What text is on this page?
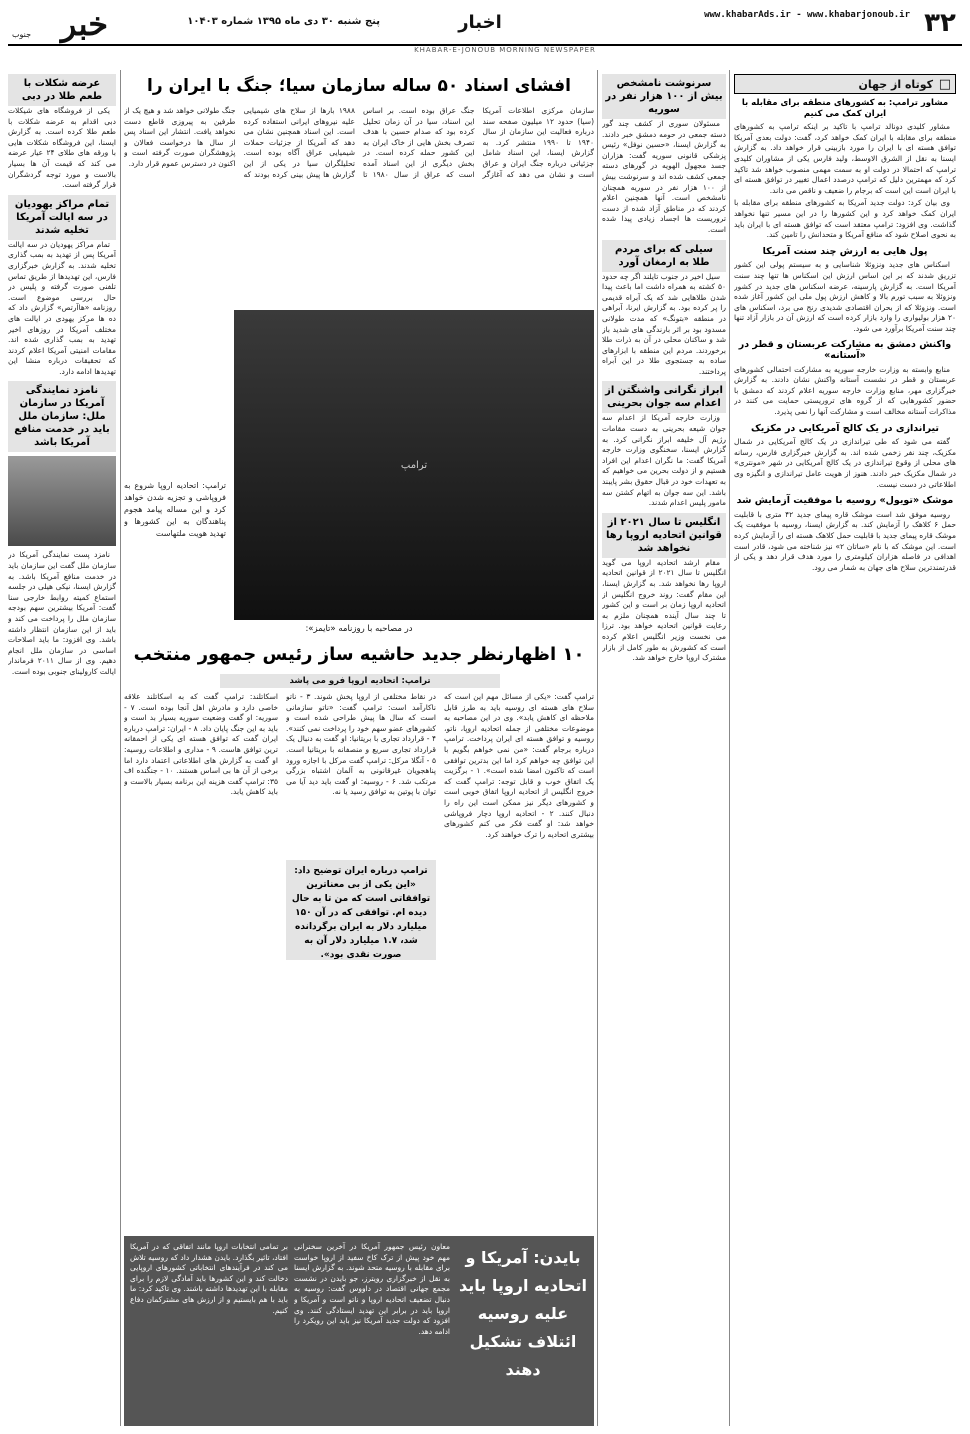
۳۲
www.khabarAds.ir - www.khabarjonoub.ir
اخبار
پنج شنبه ۳۰ دی ماه ۱۳۹۵ شماره ۱۰۴۰۳
خبر
جنوب
KHABAR-E-JONOUB MORNING NEWSPAPER
□
کوتاه از جهان
مشاور ترامپ: به کشورهای منطقه برای مقابله با ایران کمک می کنیم

مشاور کلیدی دونالد ترامپ با تاکید بر اینکه ترامپ به کشورهای منطقه برای مقابله با ایران کمک خواهد کرد، گفت: دولت بعدی آمریکا توافق هسته ای با ایران را مورد بازبینی قرار خواهد داد. به گزارش ایسنا به نقل از الشرق الاوسط، ولید فارس یکی از مشاوران کلیدی ترامپ که احتمالا در دولت او به سمت مهمی منصوب خواهد شد تاکید کرد که مهمترین دلیل که ترامپ درصدد اعمال تغییر در توافق هسته ای با ایران است این است که برجام را ضعیف و ناقص می داند.

وی بیان کرد: دولت جدید آمریکا به کشورهای منطقه برای مقابله با ایران کمک خواهد کرد و این کشورها را در این مسیر تنها نخواهد گذاشت. وی افزود: ترامپ معتقد است که توافق هسته ای با ایران باید به نحوی اصلاح شود که منافع آمریکا و متحدانش را تامین کند.

پول هایی به ارزش چند سنت آمریکا

اسکناس های جدید ونزوئلا شناسایی و به سیستم پولی این کشور تزریق شدند که بر این اساس ارزش این اسکناس ها تنها چند سنت آمریکا است. به گزارش پارسینه، عرضه اسکناس های جدید در کشور ونزوئلا به سبب تورم بالا و کاهش ارزش پول ملی این کشور آغاز شده است. ونزوئلا که از بحران اقتصادی شدیدی رنج می برد، اسکناس های ۲۰ هزار بولیواری را وارد بازار کرده است که ارزش آن در بازار آزاد تنها چند سنت آمریکا برآورد می شود.

واکنش دمشق به مشارکت عربستان و قطر در «آستانه»

منابع وابسته به وزارت خارجه سوریه به مشارکت احتمالی کشورهای عربستان و قطر در نشست آستانه واکنش نشان دادند. به گزارش خبرگزاری مهر، منابع وزارت خارجه سوریه اعلام کردند که دمشق با حضور کشورهایی که از گروه های تروریستی حمایت می کنند در مذاکرات آستانه مخالف است و مشارکت آنها را نمی پذیرد.

تیراندازی در یک کالج آمریکایی در مکزیک

گفته می شود که طی تیراندازی در یک کالج آمریکایی در شمال مکزیک، چند نفر زخمی شده اند. به گزارش خبرگزاری فارس، رسانه های محلی از وقوع تیراندازی در یک کالج آمریکایی در شهر «مونتری» در شمال مکزیک خبر دادند. هنوز از هویت عامل تیراندازی و انگیزه وی اطلاعاتی در دست نیست.

موشک «تویول» روسیه با موفقیت آزمایش شد

روسیه موفق شد است موشک قاره پیمای جدید ۴۲ متری با قابلیت حمل ۶ کلاهک را آزمایش کند. به گزارش ایسنا، روسیه با موفقیت یک موشک قاره پیمای جدید با قابلیت حمل کلاهک هسته ای را آزمایش کرده است. این موشک که با نام «ساتان ۲» نیز شناخته می شود، قادر است اهدافی در فاصله هزاران کیلومتری را مورد هدف قرار دهد و یکی از قدرتمندترین سلاح های جهان به شمار می رود.

سرنوشت نامشخص بیش از ۱۰۰ هزار نفر در سوریه

مسئولان سوری از کشف چند گور دسته جمعی در حومه دمشق خبر دادند. به گزارش ایسنا، «حسین نوفل» رئیس پزشکی قانونی سوریه گفت: هزاران جسد مجهول الهویه در گورهای دسته جمعی کشف شده اند و سرنوشت بیش از ۱۰۰ هزار نفر در سوریه همچنان نامشخص است. آنها همچنین اعلام کردند که در مناطق آزاد شده از دست تروریست ها اجساد زیادی پیدا شده است.

سیلی که برای مردم طلا به ارمغان آورد

سیل اخیر در جنوب تایلند اگر چه حدود ۵۰ کشته به همراه داشت اما باعث پیدا شدن طلاهایی شد که یک آبراه قدیمی را پر کرده بود. به گزارش ایرنا، آبراهی در منطقه «بتونگ» که مدت طولانی مسدود بود بر اثر بارندگی های شدید باز شد و ساکنان محلی در آن به ذرات طلا برخوردند. مردم این منطقه با ابزارهای ساده به جستجوی طلا در این آبراه پرداختند.

ابراز نگرانی واشنگتن از اعدام سه جوان بحرینی

وزارت خارجه آمریکا از اعدام سه جوان شیعه بحرینی به دست مقامات رژیم آل خلیفه ابراز نگرانی کرد. به گزارش ایسنا، سخنگوی وزارت خارجه آمریکا گفت: ما نگران اعدام این افراد هستیم و از دولت بحرین می خواهیم که به تعهدات خود در قبال حقوق بشر پایبند باشد. این سه جوان به اتهام کشتن سه مامور پلیس اعدام شدند.

انگلیس تا سال ۲۰۲۱ از قوانین اتحادیه اروپا رها نخواهد شد

مقام ارشد اتحادیه اروپا می گوید انگلیس تا سال ۲۰۲۱ از قوانین اتحادیه اروپا رها نخواهد شد. به گزارش ایسنا، این مقام گفت: روند خروج انگلیس از اتحادیه اروپا زمان بر است و این کشور تا چند سال آینده همچنان ملزم به رعایت قوانین اتحادیه خواهد بود. ترزا می نخست وزیر انگلیس اعلام کرده است که کشورش به طور کامل از بازار مشترک اروپا خارج خواهد شد.

افشای اسناد ۵۰ ساله سازمان سیا؛ جنگ با ایران را
سازمان مرکزی اطلاعات آمریکا (سیا) حدود ۱۲ میلیون صفحه سند درباره فعالیت این سازمان از سال ۱۹۴۰ تا ۱۹۹۰ منتشر کرد. به گزارش ایسنا، این اسناد شامل جزئیاتی درباره جنگ ایران و عراق است و نشان می دهد که آغازگر جنگ عراق بوده است. بر اساس این اسناد، سیا در آن زمان تحلیل کرده بود که صدام حسین با هدف تصرف بخش هایی از خاک ایران به این کشور حمله کرده است. در بخش دیگری از این اسناد آمده است که عراق از سال ۱۹۸۰ تا ۱۹۸۸ بارها از سلاح های شیمیایی علیه نیروهای ایرانی استفاده کرده است. این اسناد همچنین نشان می دهد که آمریکا از جزئیات حملات شیمیایی عراق آگاه بوده است. تحلیلگران سیا در یکی از این گزارش ها پیش بینی کرده بودند که جنگ طولانی خواهد شد و هیچ یک از طرفین به پیروزی قاطع دست نخواهد یافت. انتشار این اسناد پس از سال ها درخواست فعالان و پژوهشگران صورت گرفته است و اکنون در دسترس عموم قرار دارد.
ترامپ
ترامپ: اتحادیه اروپا شروع به فروپاشی و تجزیه شدن خواهد کرد و این مساله پیامد هجوم پناهندگان به این کشورها و تهدید هویت ملتهاست
در مصاحبه با روزنامه «تایمز»:
۱۰ اظهارنظر جدید حاشیه ساز رئیس جمهور منتخب
ترامپ: اتحادیه اروپا فرو می پاشد
ترامپ گفت: «یکی از مسائل مهم این است که سلاح های هسته ای روسیه باید به طرز قابل ملاحظه ای کاهش یابد». وی در این مصاحبه به موضوعات مختلفی از جمله اتحادیه اروپا، ناتو، روسیه و توافق هسته ای ایران پرداخت. ترامپ درباره برجام گفت: «من نمی خواهم بگویم با این توافق چه خواهم کرد اما این بدترین توافقی است که تاکنون امضا شده است». ۱ - برگزیت یک اتفاق خوب و قابل توجه: ترامپ گفت که خروج انگلیس از اتحادیه اروپا اتفاق خوبی است و کشورهای دیگر نیز ممکن است این راه را دنبال کنند. ۲ - اتحادیه اروپا دچار فروپاشی خواهد شد: او گفت فکر می کنم کشورهای بیشتری اتحادیه را ترک خواهند کرد.
در نقاط مختلفی از اروپا پخش شوند. ۳ - ناتو ناکارآمد است: ترامپ گفت: «ناتو سازمانی است که سال ها پیش طراحی شده است و کشورهای عضو سهم خود را پرداخت نمی کنند». ۴ - قرارداد تجاری با بریتانیا: او گفت به دنبال یک قرارداد تجاری سریع و منصفانه با بریتانیا است. ۵ - آنگلا مرکل: ترامپ گفت مرکل با اجازه ورود پناهجویان غیرقانونی به آلمان اشتباه بزرگی مرتکب شد. ۶ - روسیه: او گفت باید دید آیا می توان با پوتین به توافق رسید یا نه.
اسکاتلند: ترامپ گفت که به اسکاتلند علاقه خاصی دارد و مادرش اهل آنجا بوده است. ۷ - سوریه: او گفت وضعیت سوریه بسیار بد است و باید به این جنگ پایان داد. ۸ - ایران: ترامپ درباره ایران گفت که توافق هسته ای یکی از احمقانه ترین توافق هاست. ۹ - مداری و اطلاعات روسیه: او گفت به گزارش های اطلاعاتی اعتماد دارد اما برخی از آن ها بی اساس هستند. ۱۰ - جنگنده اف ۳۵: ترامپ گفت هزینه این برنامه بسیار بالاست و باید کاهش یابد.
ترامپ درباره ایران توضیح داد: «این یکی از بی معناترین توافقاتی است که من تا به حال دیده ام. توافقی که در آن ۱۵۰ میلیارد دلار به ایران برگردانده شد، ۱.۷ میلیارد دلار آن به صورت نقدی بود».
بایدن: آمریکا و اتحادیه اروپا باید علیه روسیه ائتلاف تشکیل دهند
معاون رئیس جمهور آمریکا در آخرین سخنرانی مهم خود پیش از ترک کاخ سفید از اروپا خواست برای مقابله با روسیه متحد شوند. به گزارش ایسنا به نقل از خبرگزاری رویترز، جو بایدن در نشست مجمع جهانی اقتصاد در داووس گفت: روسیه به دنبال تضعیف اتحادیه اروپا و ناتو است و آمریکا و اروپا باید در برابر این تهدید ایستادگی کنند. وی افزود که دولت جدید آمریکا نیز باید این رویکرد را ادامه دهد.
بر تمامی انتخابات اروپا مانند اتفاقی که در آمریکا افتاد، تاثیر بگذارد. بایدن هشدار داد که روسیه تلاش می کند در فرآیندهای انتخاباتی کشورهای اروپایی دخالت کند و این کشورها باید آمادگی لازم را برای مقابله با این تهدیدها داشته باشند. وی تاکید کرد: ما باید با هم بایستیم و از ارزش های مشترکمان دفاع کنیم.
عرضه شکلات با طعم طلا در دبی

یکی از فروشگاه های شیکلات دبی اقدام به عرضه شکلات با طعم طلا کرده است. به گزارش ایسنا، این فروشگاه شکلات هایی با ورقه های طلای ۲۴ عیار عرضه می کند که قیمت آن ها بسیار بالاست و مورد توجه گردشگران قرار گرفته است.

تمام مراکز یهودیان در سه ایالت آمریکا تخلیه شدند

تمام مراکز یهودیان در سه ایالت آمریکا پس از تهدید به بمب گذاری تخلیه شدند. به گزارش خبرگزاری فارس، این تهدیدها از طریق تماس تلفنی صورت گرفته و پلیس در حال بررسی موضوع است. روزنامه «هاآرتص» گزارش داد که ده ها مرکز یهودی در ایالت های مختلف آمریکا در روزهای اخیر تهدید به بمب گذاری شده اند. مقامات امنیتی آمریکا اعلام کردند که تحقیقات درباره منشا این تهدیدها ادامه دارد.

نامزد نمایندگی آمریکا در سازمان ملل: سازمان ملل باید در خدمت منافع آمریکا باشد

نامزد پست نمایندگی آمریکا در سازمان ملل گفت این سازمان باید در خدمت منافع آمریکا باشد. به گزارش ایسنا، نیکی هیلی در جلسه استماع کمیته روابط خارجی سنا گفت: آمریکا بیشترین سهم بودجه سازمان ملل را پرداخت می کند و باید از این سازمان انتظار داشته باشد. وی افزود: ما باید اصلاحات اساسی در سازمان ملل انجام دهیم. وی از سال ۲۰۱۱ فرماندار ایالت کارولینای جنوبی بوده است.
